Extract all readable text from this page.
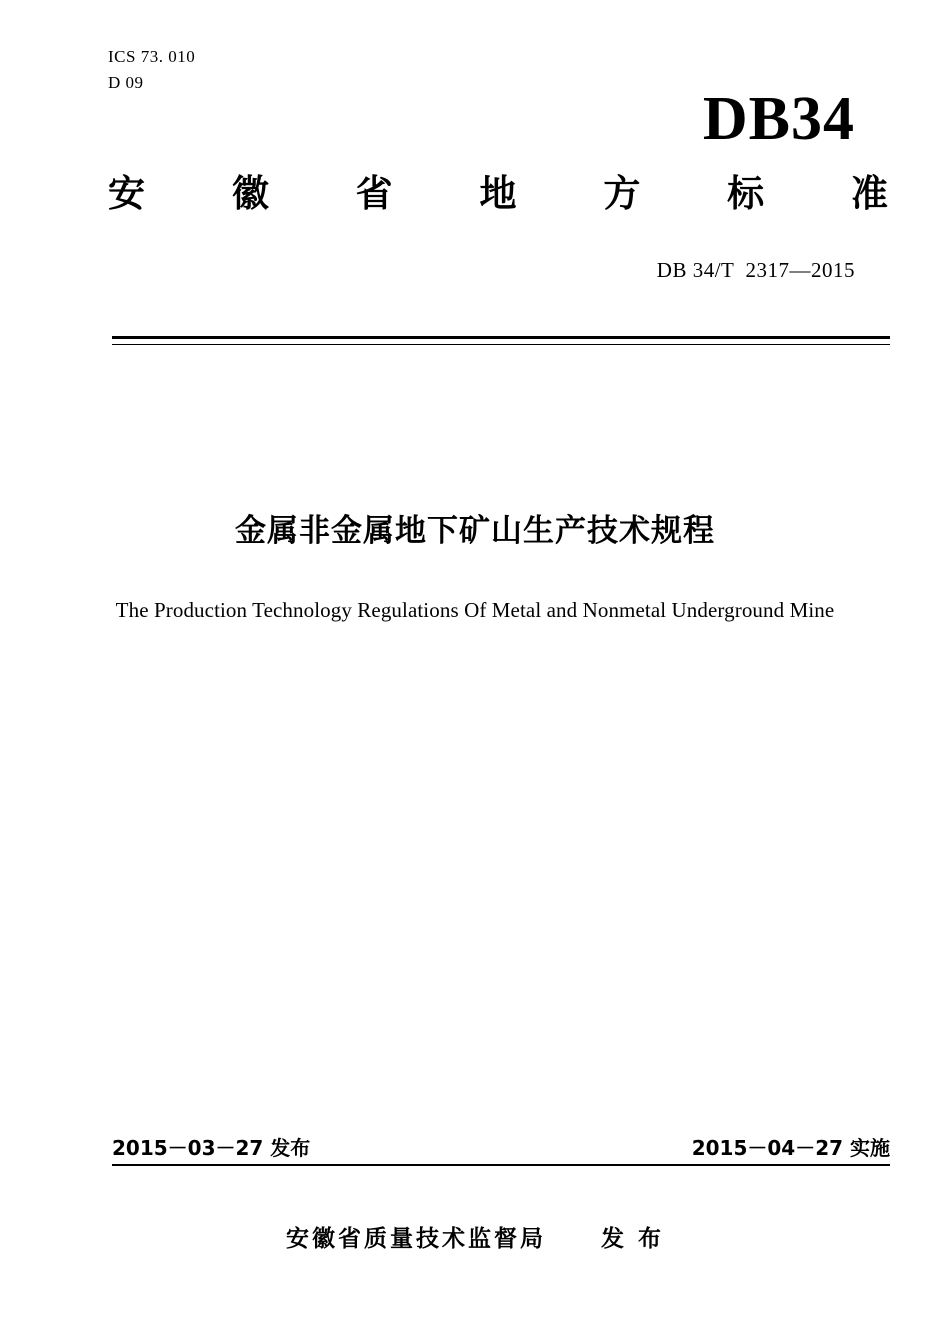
ICS 73. 010
D 09
DB34
安 徽 省 地 方 标 准
DB 34/T  2317—2015
金属非金属地下矿山生产技术规程
The Production Technology Regulations Of Metal and Nonmetal Underground Mine
2015－03－27 发布	2015－04－27 实施
安徽省质量技术监督局     发 布
